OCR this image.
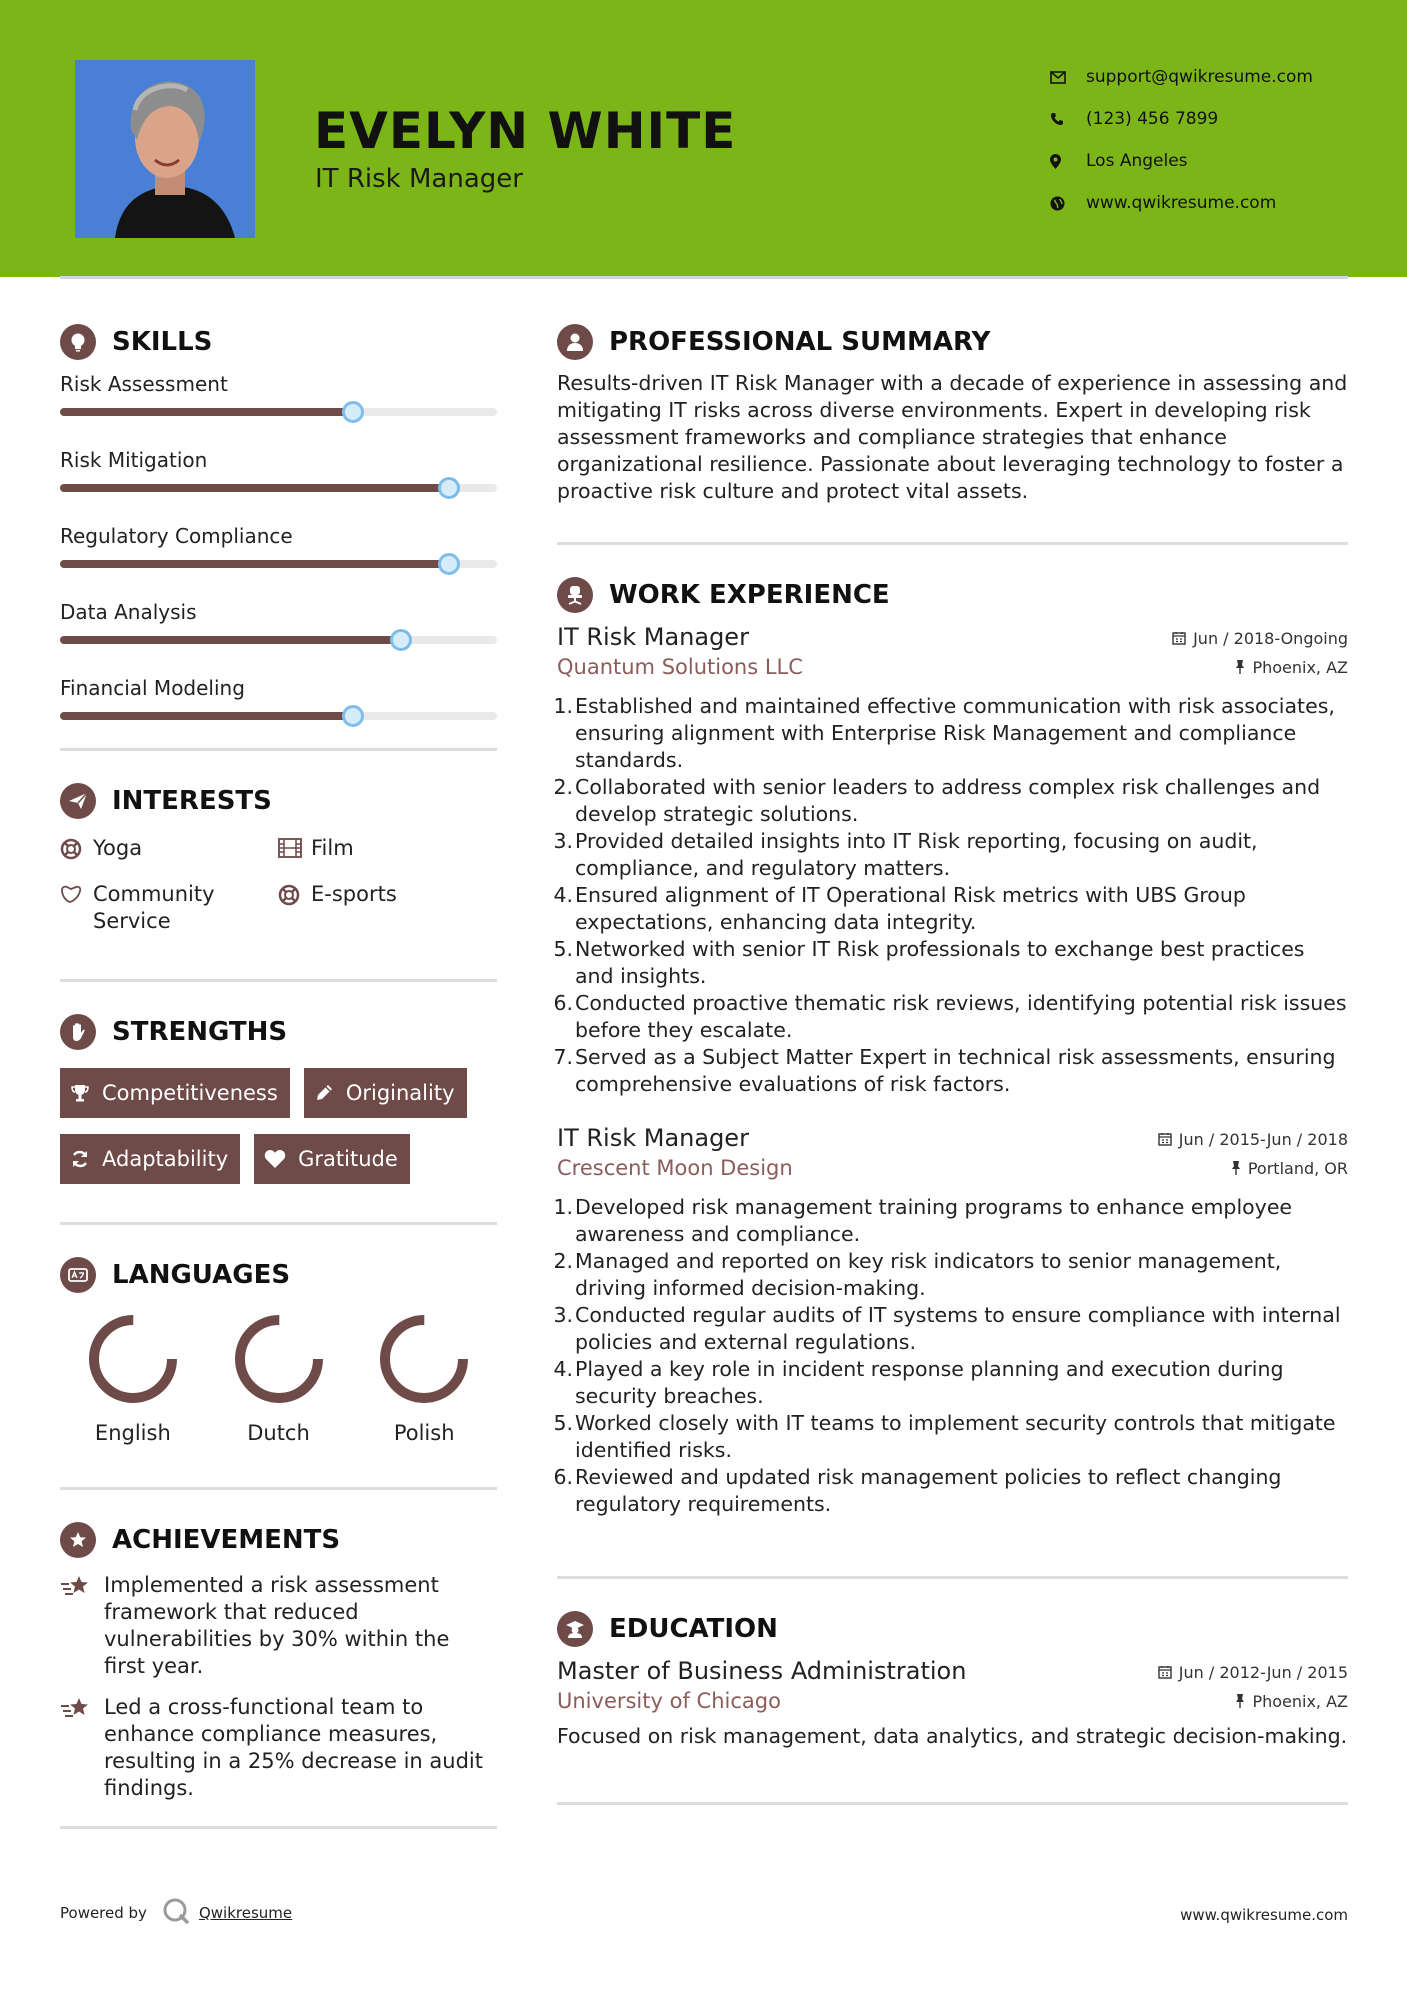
EVELYN WHITE
IT Risk Manager
support@qwikresume.com
(123) 456 7899
Los Angeles
www.qwikresume.com
SKILLS
Risk Assessment
Risk Mitigation
Regulatory Compliance
Data Analysis
Financial Modeling
INTERESTS
Yoga	Film
Community Service
E-sports
STRENGTHS
Competitiveness	Originality
Adaptability	Gratitude
LANGUAGES
English	Dutch	Polish
ACHIEVEMENTS
Implemented a risk assessment framework that reduced vulnerabilities by 30% within the first year.
Led a cross-functional team to enhance compliance measures, resulting in a 25% decrease in audit findings.
PROFESSIONAL SUMMARY
Results-driven IT Risk Manager with a decade of experience in assessing and mitigating IT risks across diverse environments. Expert in developing risk assessment frameworks and compliance strategies that enhance organizational resilience. Passionate about leveraging technology to foster a proactive risk culture and protect vital assets.
WORK EXPERIENCE
IT Risk Manager	Jun / 2018-Ongoing
Quantum Solutions LLC	Phoenix, AZ
1. Established and maintained effective communication with risk associates, ensuring alignment with Enterprise Risk Management and compliance standards.
2. Collaborated with senior leaders to address complex risk challenges and develop strategic solutions.
3. Provided detailed insights into IT Risk reporting, focusing on audit, compliance, and regulatory matters.
4. Ensured alignment of IT Operational Risk metrics with UBS Group expectations, enhancing data integrity.
5. Networked with senior IT Risk professionals to exchange best practices and insights.
6. Conducted proactive thematic risk reviews, identifying potential risk issues before they escalate.
7. Served as a Subject Matter Expert in technical risk assessments, ensuring comprehensive evaluations of risk factors.
IT Risk Manager	Jun / 2015-Jun / 2018
Crescent Moon Design	Portland, OR
1. Developed risk management training programs to enhance employee awareness and compliance.
2. Managed and reported on key risk indicators to senior management, driving informed decision-making.
3. Conducted regular audits of IT systems to ensure compliance with internal policies and external regulations.
4. Played a key role in incident response planning and execution during security breaches.
5. Worked closely with IT teams to implement security controls that mitigate identified risks.
6. Reviewed and updated risk management policies to reflect changing regulatory requirements.
EDUCATION
Master of Business Administration	Jun / 2012-Jun / 2015
University of Chicago	Phoenix, AZ
Focused on risk management, data analytics, and strategic decision-making.
Powered by	Qwikresume	www.qwikresume.com
